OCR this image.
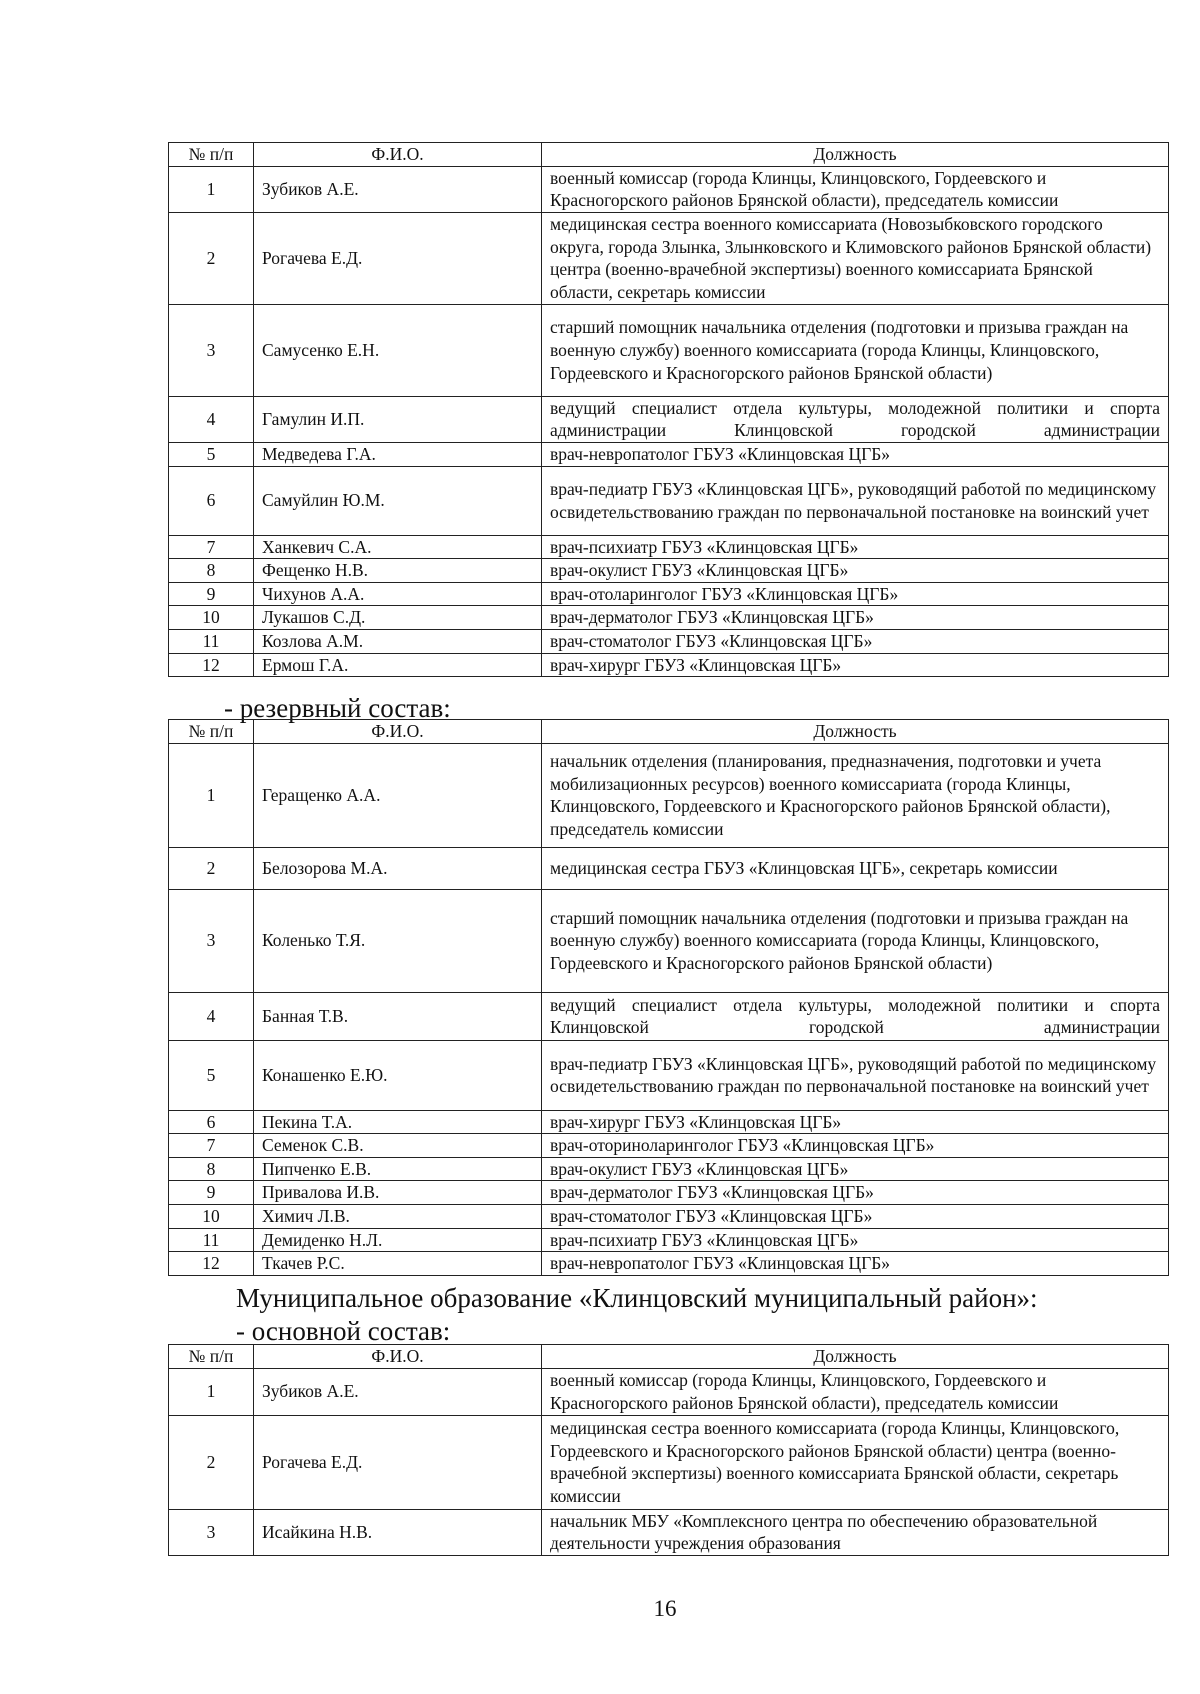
№ п/п	Ф.И.О.	Должность
1	Зубиков А.Е.	военный комиссар (города Клинцы, Клинцовского, Гордеевского и Красногорского районов Брянской области), председатель комиссии
2	Рогачева Е.Д.	медицинская сестра военного комиссариата (Новозыбковского городского округа, города Злынка, Злынковского и Климовского районов Брянской области) центра (военно-врачебной экспертизы) военного комиссариата Брянской области, секретарь комиссии
3	Самусенко Е.Н.	старший помощник начальника отделения (подготовки и призыва граждан на военную службу) военного комиссариата (города Клинцы, Клинцовского, Гордеевского и Красногорского районов Брянской области)
4	Гамулин И.П.	ведущий специалист отдела культуры, молодежной политики и спорта администрации Клинцовской городской администрации
5	Медведева Г.А.	врач-невропатолог ГБУЗ «Клинцовская ЦГБ»
6	Самуйлин Ю.М.	врач-педиатр ГБУЗ «Клинцовская ЦГБ», руководящий работой по медицинскому освидетельствованию граждан по первоначальной постановке на воинский учет
7	Ханкевич С.А.	врач-психиатр ГБУЗ «Клинцовская ЦГБ»
8	Фещенко Н.В.	врач-окулист ГБУЗ «Клинцовская ЦГБ»
9	Чихунов А.А.	врач-отоларинголог ГБУЗ «Клинцовская ЦГБ»
10	Лукашов С.Д.	врач-дерматолог ГБУЗ «Клинцовская ЦГБ»
11	Козлова А.М.	врач-стоматолог ГБУЗ «Клинцовская ЦГБ»
12	Ермош Г.А.	врач-хирург ГБУЗ «Клинцовская ЦГБ»
- резервный состав:
№ п/п	Ф.И.О.	Должность
1	Геращенко А.А.	начальник отделения (планирования, предназначения, подготовки и учета мобилизационных ресурсов) военного комиссариата (города Клинцы, Клинцовского, Гордеевского и Красногорского районов Брянской области), председатель комиссии
2	Белозорова М.А.	медицинская сестра ГБУЗ «Клинцовская ЦГБ», секретарь комиссии
3	Коленько Т.Я.	старший помощник начальника отделения (подготовки и призыва граждан на военную службу) военного комиссариата (города Клинцы, Клинцовского, Гордеевского и Красногорского районов Брянской области)
4	Банная Т.В.	ведущий специалист отдела культуры, молодежной политики и спорта Клинцовской городской администрации
5	Конашенко Е.Ю.	врач-педиатр ГБУЗ «Клинцовская ЦГБ», руководящий работой по медицинскому освидетельствованию граждан по первоначальной постановке на воинский учет
6	Пекина Т.А.	врач-хирург ГБУЗ «Клинцовская ЦГБ»
7	Семенок С.В.	врач-оториноларинголог ГБУЗ «Клинцовская ЦГБ»
8	Пипченко Е.В.	врач-окулист ГБУЗ «Клинцовская ЦГБ»
9	Привалова И.В.	врач-дерматолог ГБУЗ «Клинцовская ЦГБ»
10	Химич Л.В.	врач-стоматолог ГБУЗ «Клинцовская ЦГБ»
11	Демиденко Н.Л.	врач-психиатр ГБУЗ «Клинцовская ЦГБ»
12	Ткачев Р.С.	врач-невропатолог ГБУЗ «Клинцовская ЦГБ»
Муниципальное образование «Клинцовский муниципальный район»:
- основной состав:
№ п/п	Ф.И.О.	Должность
1	Зубиков А.Е.	военный комиссар (города Клинцы, Клинцовского, Гордеевского и Красногорского районов Брянской области), председатель комиссии
2	Рогачева Е.Д.	медицинская сестра военного комиссариата (города Клинцы, Клинцовского, Гордеевского и Красногорского районов Брянской области) центра (военно-врачебной экспертизы) военного комиссариата Брянской области, секретарь комиссии
3	Исайкина Н.В.	начальник МБУ «Комплексного центра по обеспечению образовательной деятельности учреждения образования
16
